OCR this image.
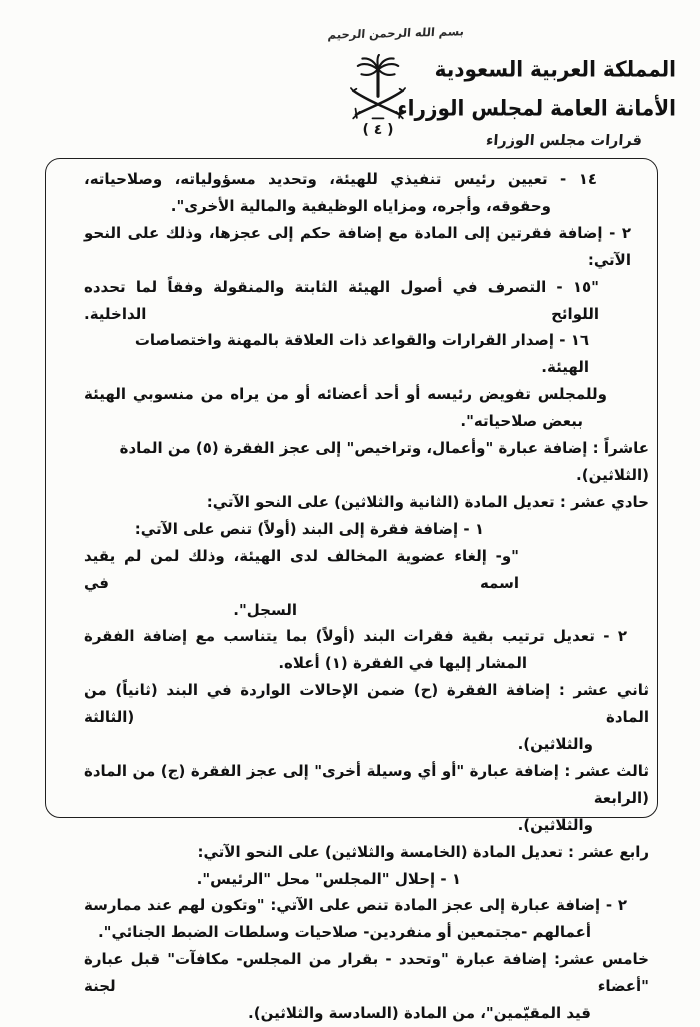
بسم الله الرحمن الرحيم
( ٤ )
المملكة العربية السعودية
الأمانة العامة لمجلس الوزراء
قرارات مجلس الوزراء
١٤ - تعيين رئيس تنفيذي للهيئة، وتحديد مسؤولياته، وصلاحياته،
وحقوقه، وأجره، ومزاياه الوظيفية والمالية الأخرى".
٢ - إضافة فقرتين إلى المادة مع إضافة حكم إلى عجزها، وذلك على النحو الآتي:
"١٥ - التصرف في أصول الهيئة الثابتة والمنقولة وفقاً لما تحدده اللوائح الداخلية.
١٦ - إصدار القرارات والقواعد ذات العلاقة بالمهنة واختصاصات الهيئة.
وللمجلس تفويض رئيسه أو أحد أعضائه أو من يراه من منسوبي الهيئة
ببعض صلاحياته".
عاشراً : إضافة عبارة "وأعمال، وتراخيص" إلى عجز الفقرة (٥) من المادة (الثلاثين).
حادي عشر : تعديل المادة (الثانية والثلاثين) على النحو الآتي:
١ - إضافة فقرة إلى البند (أولاً) تنص على الآتي:
"و- إلغاء عضوية المخالف لدى الهيئة، وذلك لمن لم يقيد اسمه في
السجل".
٢ - تعديل ترتيب بقية فقرات البند (أولاً) بما يتناسب مع إضافة الفقرة
المشار إليها في الفقرة (١) أعلاه.
ثاني عشر : إضافة الفقرة (ح) ضمن الإحالات الواردة في البند (ثانياً) من المادة (الثالثة
والثلاثين).
ثالث عشر : إضافة عبارة "أو أي وسيلة أخرى" إلى عجز الفقرة (ج) من المادة (الرابعة
والثلاثين).
رابع عشر : تعديل المادة (الخامسة والثلاثين) على النحو الآتي:
١ - إحلال "المجلس" محل "الرئيس".
٢ - إضافة عبارة إلى عجز المادة تنص على الآتي: "وتكون لهم عند ممارسة
أعمالهم -مجتمعين أو منفردين- صلاحيات وسلطات الضبط الجنائي".
خامس عشر: إضافة عبارة "وتحدد - بقرار من المجلس- مكافآت" قبل عبارة "أعضاء لجنة
قيد المقيّمين"، من المادة (السادسة والثلاثين).
